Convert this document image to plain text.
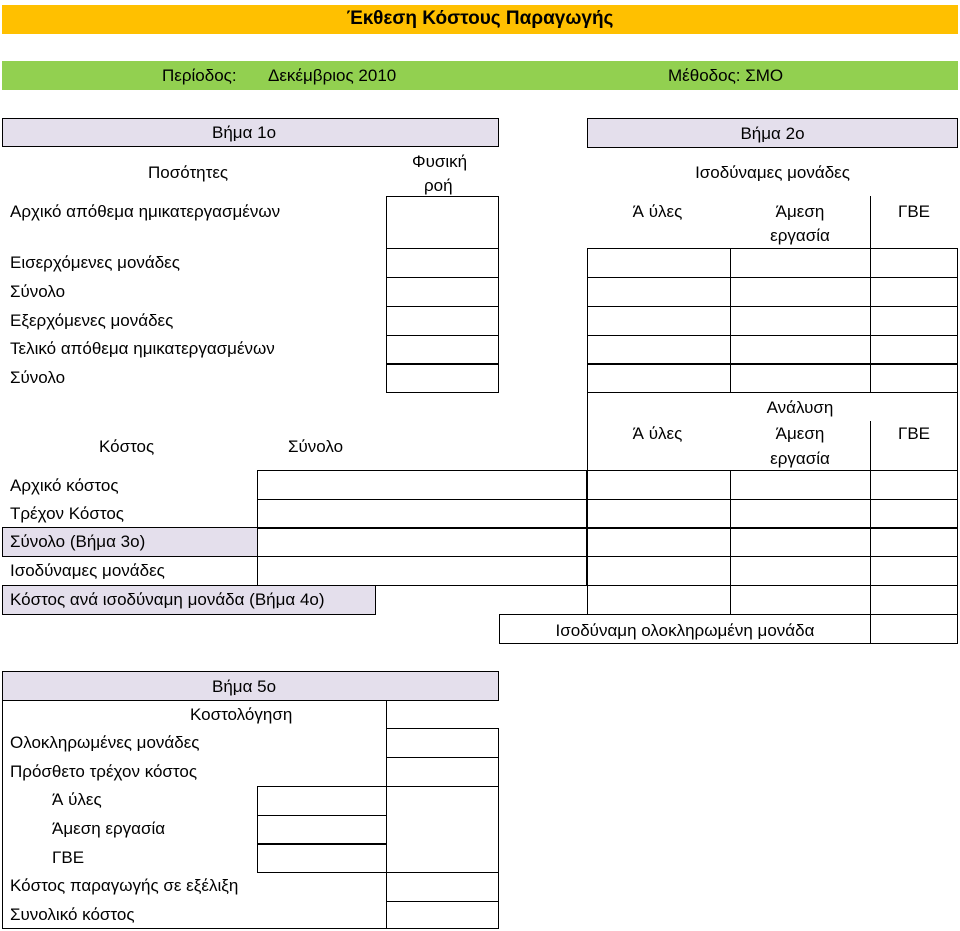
Έκθεση Κόστους Παραγωγής
Περίοδος: Δεκέμβριος 2010	Μέθοδος: ΣΜΟ
Βήμα 1ο
Ποσότητες
Φυσική
ροή
Αρχικό απόθεμα ημικατεργασμένων
Εισερχόμενες μονάδες
Σύνολο
Εξερχόμενες μονάδες
Τελικό απόθεμα ημικατεργασμένων
Σύνολο
Βήμα 2ο
Ισοδύναμες μονάδες
Ά ύλες	Άμεση
εργασία
ΓΒΕ
Κόστος	Σύνολο
Αρχικό κόστος
Τρέχον Κόστος
Σύνολο (Βήμα 3ο)
Ισοδύναμες μονάδες
Κόστος ανά ισοδύναμη μονάδα (Βήμα 4ο)
Ανάλυση
Ά ύλες	Άμεση
εργασία
ΓΒΕ
Ισοδύναμη ολοκληρωμένη μονάδα
Βήμα 5ο
Κοστολόγηση
Ολοκληρωμένες μονάδες
Πρόσθετο τρέχον κόστος
Ά ύλες
Άμεση εργασία
ΓΒΕ
Κόστος παραγωγής σε εξέλιξη
Συνολικό κόστος
